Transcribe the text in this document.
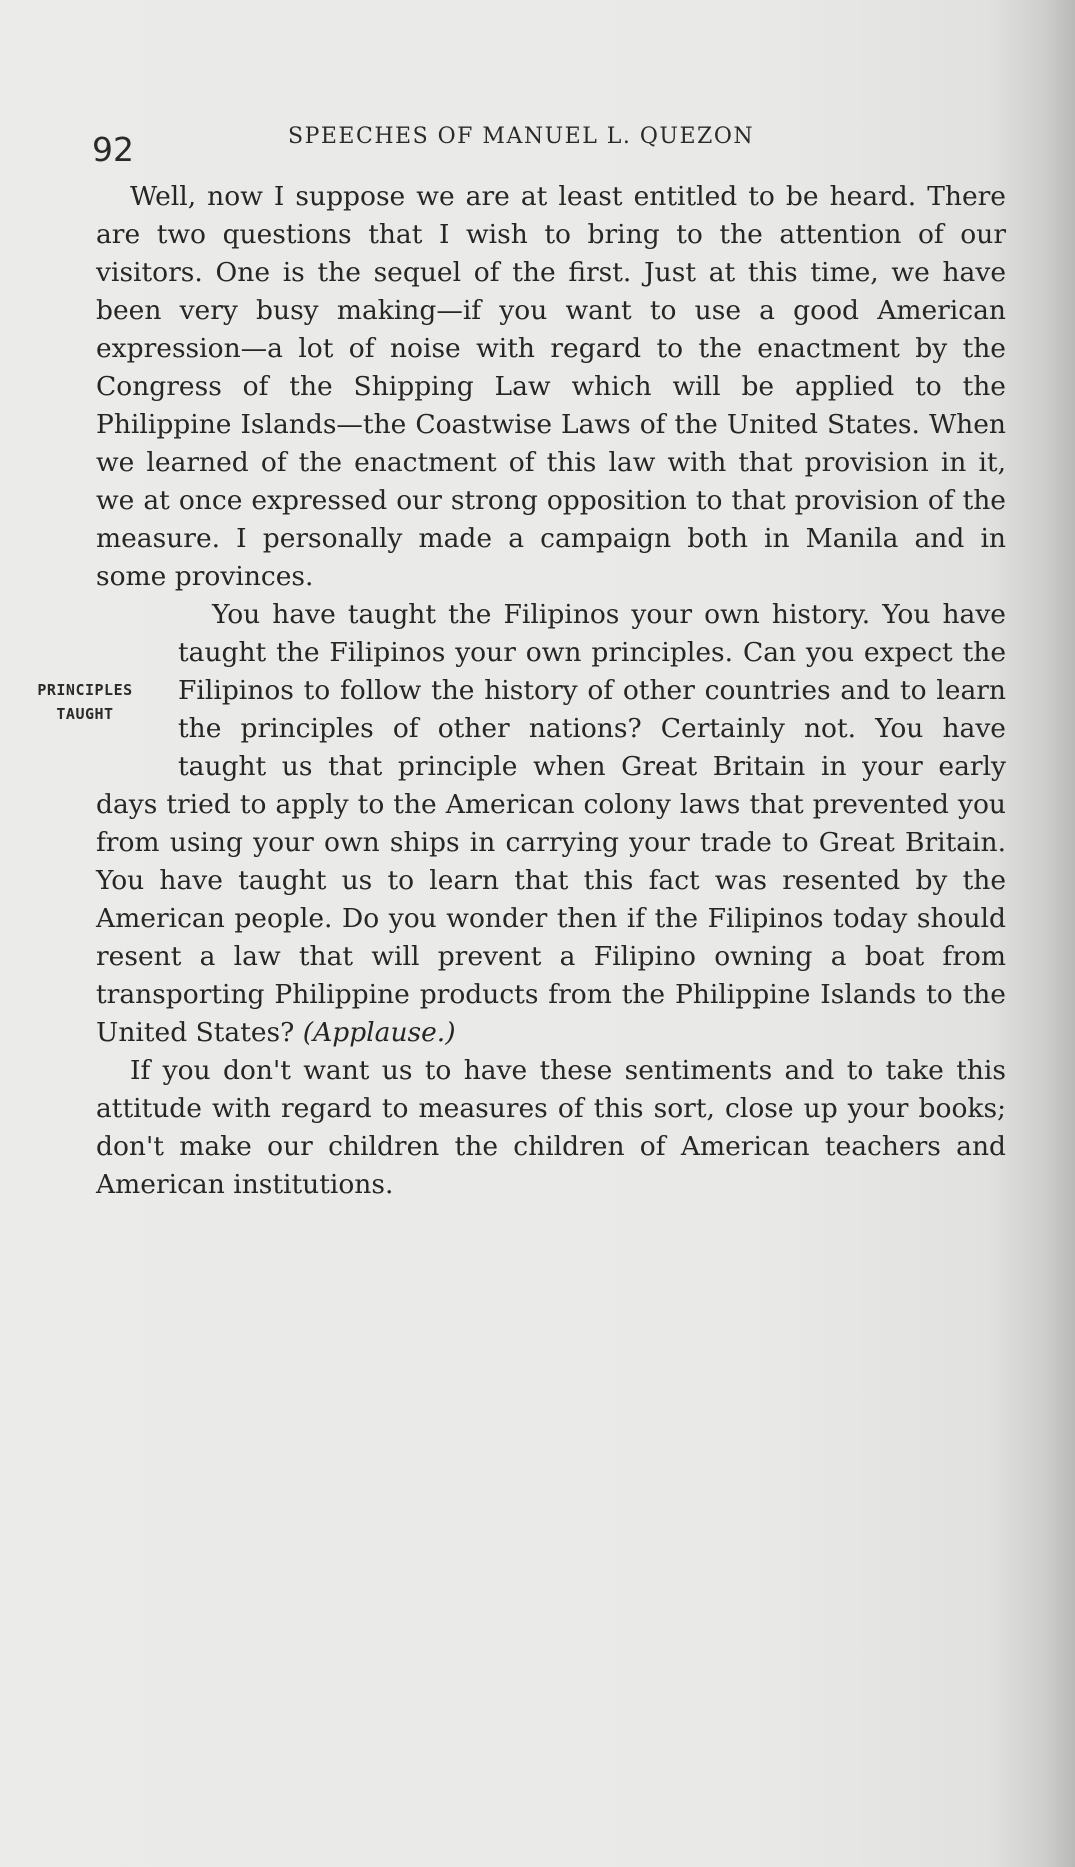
92	SPEECHES OF MANUEL L. QUEZON

Well, now I suppose we are at least entitled to be heard. There are two questions that I wish to bring to the attention of our visitors. One is the sequel of the first. Just at this time, we have been very busy making—if you want to use a good American expression—a lot of noise with regard to the enactment by the Congress of the Shipping Law which will be applied to the Philippine Islands—the Coastwise Laws of the United States. When we learned of the enactment of this law with that provision in it, we at once expressed our strong opposition to that provision of the measure. I personally made a campaign both in Manila and in some provinces.

PRINCIPLES
TAUGHT

You have taught the Filipinos your own history. You have taught the Filipinos your own principles. Can you expect the Filipinos to follow the history of other countries and to learn the principles of other nations? Certainly not. You have taught us that principle when Great Britain in your early days tried to apply to the American colony laws that prevented you from using your own ships in carrying your trade to Great Britain. You have taught us to learn that this fact was resented by the American people. Do you wonder then if the Filipinos today should resent a law that will prevent a Filipino owning a boat from transporting Philippine products from the Philippine Islands to the United States? (Applause.)

If you don't want us to have these sentiments and to take this attitude with regard to measures of this sort, close up your books; don't make our children the children of American teachers and American institutions.
